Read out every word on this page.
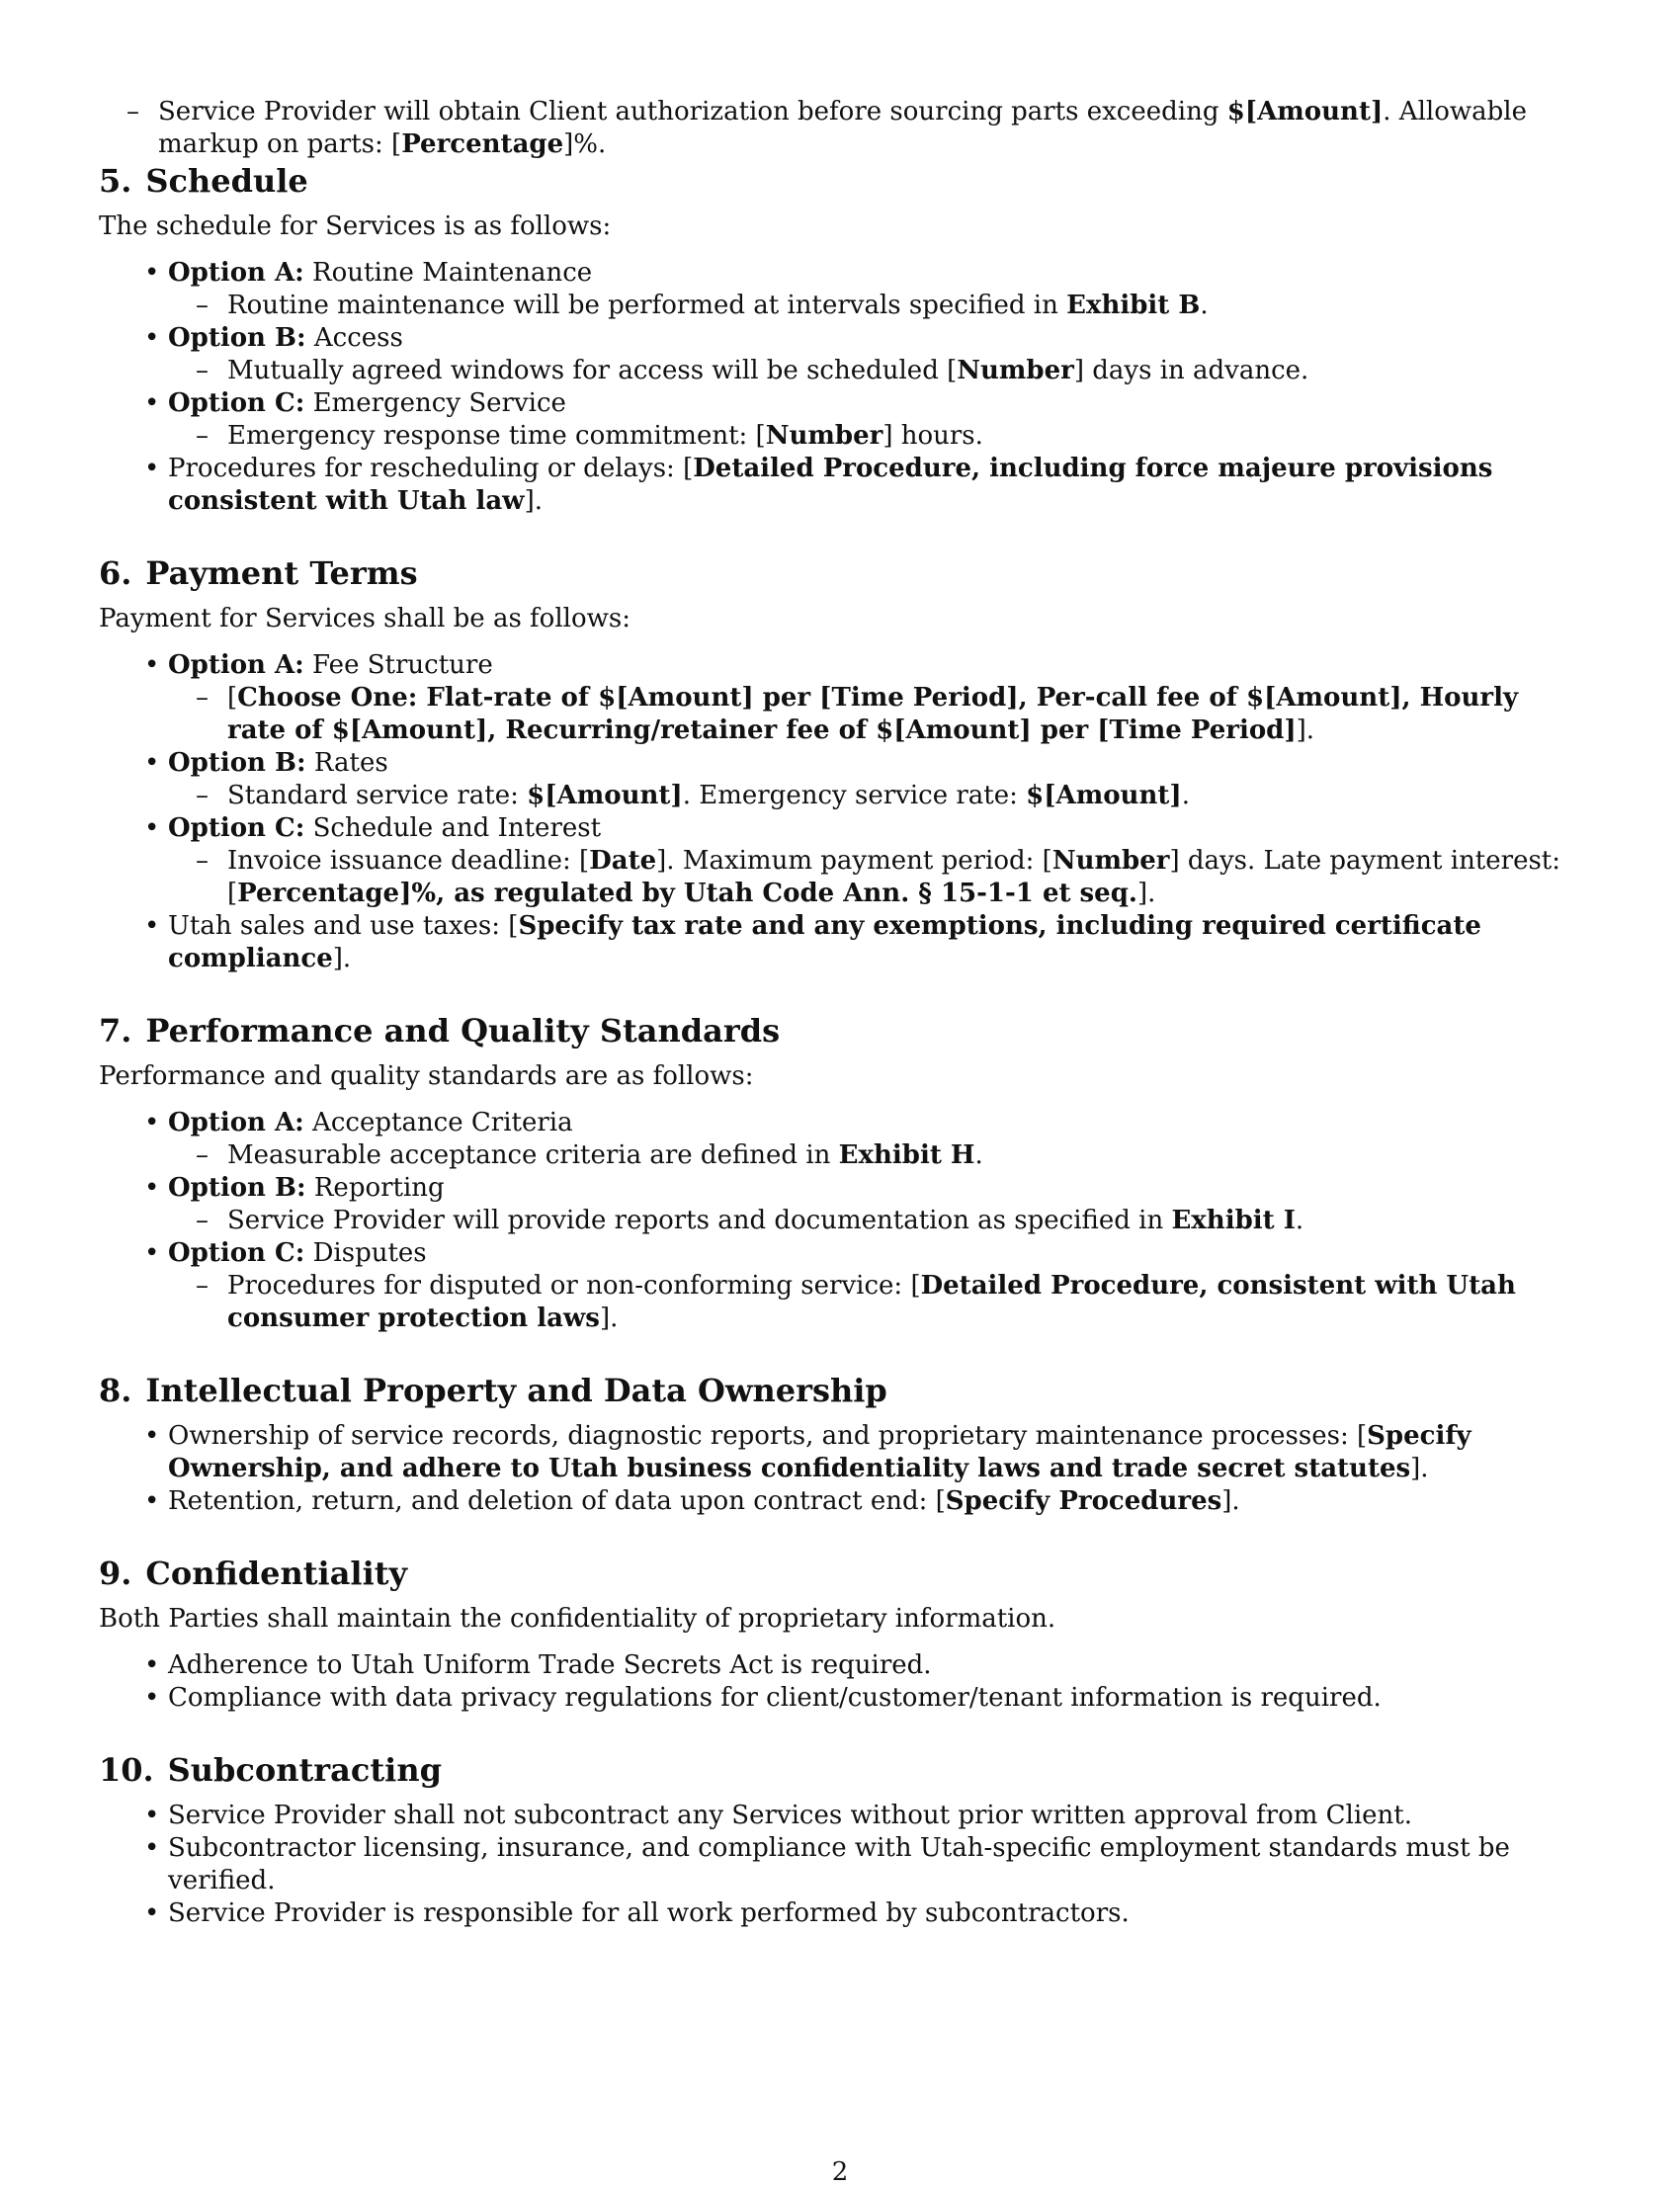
– Service Provider will obtain Client authorization before sourcing parts exceeding $[Amount]. Allowable markup on parts: [Percentage]%.
5. Schedule
The schedule for Services is as follows:
• Option A: Routine Maintenance
– Routine maintenance will be performed at intervals specified in Exhibit B.
• Option B: Access
– Mutually agreed windows for access will be scheduled [Number] days in advance.
• Option C: Emergency Service
– Emergency response time commitment: [Number] hours.
• Procedures for rescheduling or delays: [Detailed Procedure, including force majeure provisions consistent with Utah law].
6. Payment Terms
Payment for Services shall be as follows:
• Option A: Fee Structure
– [Choose One: Flat-rate of $[Amount] per [Time Period], Per-call fee of $[Amount], Hourly rate of $[Amount], Recurring/retainer fee of $[Amount] per [Time Period]].
• Option B: Rates
– Standard service rate: $[Amount]. Emergency service rate: $[Amount].
• Option C: Schedule and Interest
– Invoice issuance deadline: [Date]. Maximum payment period: [Number] days. Late payment interest: [Percentage]%, as regulated by Utah Code Ann. § 15-1-1 et seq.].
• Utah sales and use taxes: [Specify tax rate and any exemptions, including required certificate compliance].
7. Performance and Quality Standards
Performance and quality standards are as follows:
• Option A: Acceptance Criteria
– Measurable acceptance criteria are defined in Exhibit H.
• Option B: Reporting
– Service Provider will provide reports and documentation as specified in Exhibit I.
• Option C: Disputes
– Procedures for disputed or non-conforming service: [Detailed Procedure, consistent with Utah consumer protection laws].
8. Intellectual Property and Data Ownership
• Ownership of service records, diagnostic reports, and proprietary maintenance processes: [Specify Ownership, and adhere to Utah business confidentiality laws and trade secret statutes].
• Retention, return, and deletion of data upon contract end: [Specify Procedures].
9. Confidentiality
Both Parties shall maintain the confidentiality of proprietary information.
• Adherence to Utah Uniform Trade Secrets Act is required.
• Compliance with data privacy regulations for client/customer/tenant information is required.
10. Subcontracting
• Service Provider shall not subcontract any Services without prior written approval from Client.
• Subcontractor licensing, insurance, and compliance with Utah-specific employment standards must be verified.
• Service Provider is responsible for all work performed by subcontractors.
2
